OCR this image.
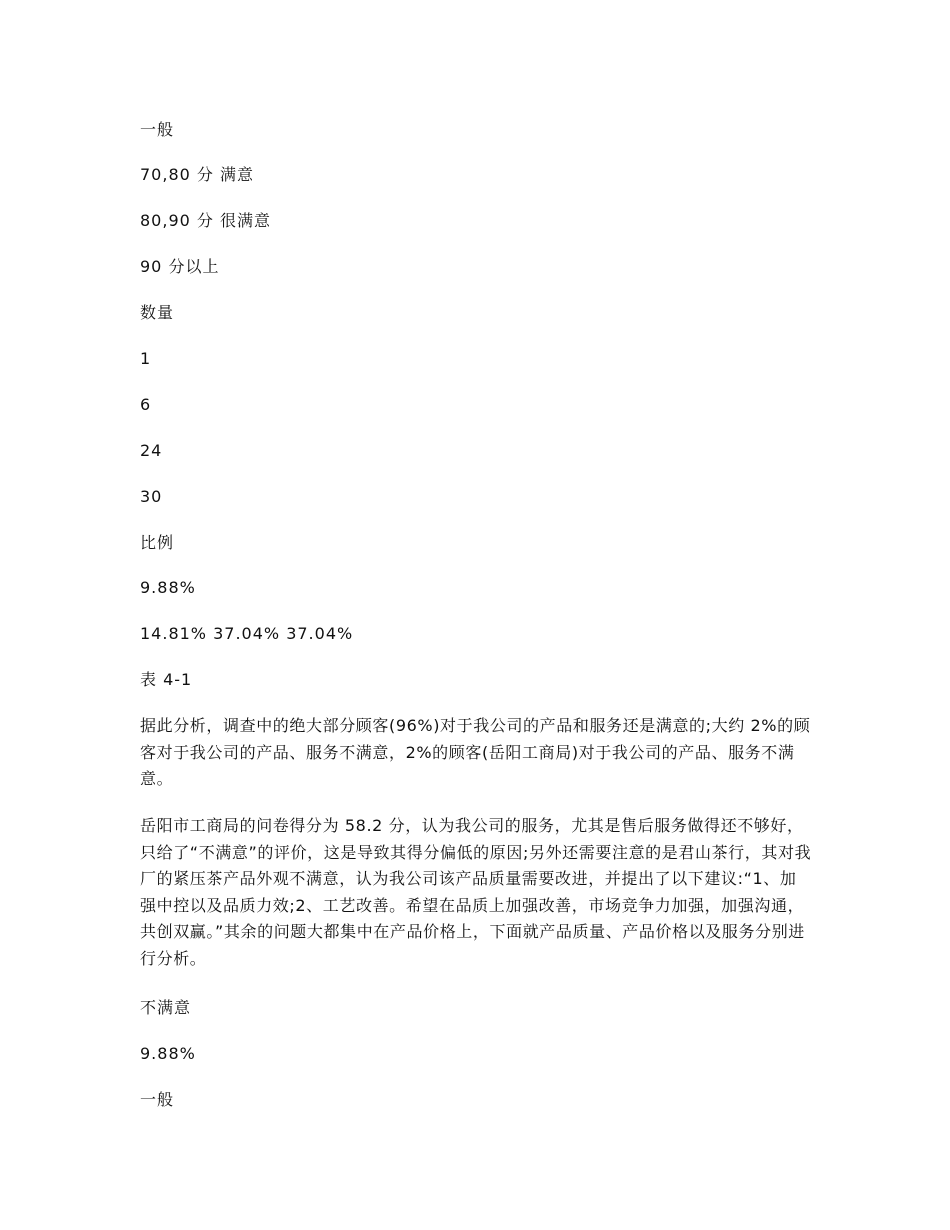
一般
70,80 分 满意
80,90 分 很满意
90 分以上
数量
1
6
24
30
比例
9.88%
14.81% 37.04% 37.04%
表 4-1

据此分析，调查中的绝大部分顾客(96%)对于我公司的产品和服务还是满意的;大约 2%的顾客对于我公司的产品、服务不满意，2%的顾客(岳阳工商局)对于我公司的产品、服务不满意。

岳阳市工商局的问卷得分为 58.2 分，认为我公司的服务，尤其是售后服务做得还不够好，只给了“不满意”的评价，这是导致其得分偏低的原因;另外还需要注意的是君山茶行，其对我厂的紧压茶产品外观不满意，认为我公司该产品质量需要改进，并提出了以下建议:“1、加强中控以及品质力效;2、工艺改善。希望在品质上加强改善，市场竞争力加强，加强沟通，共创双赢。”其余的问题大都集中在产品价格上，下面就产品质量、产品价格以及服务分别进行分析。

不满意
9.88%
一般
